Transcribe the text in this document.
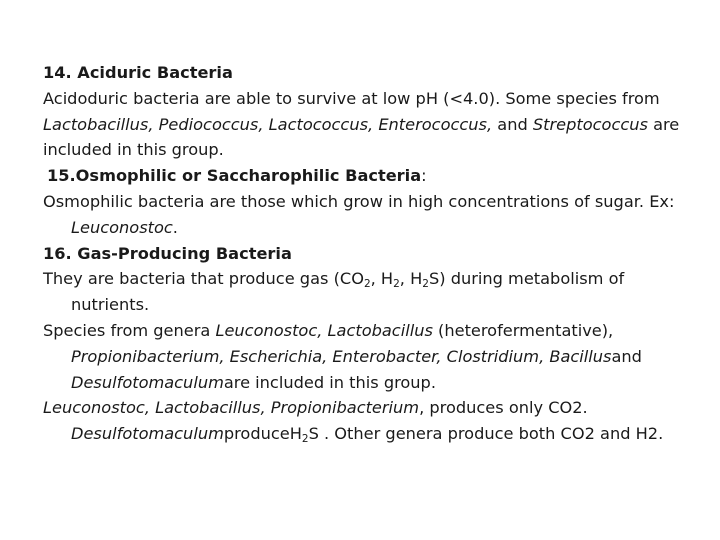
14. Aciduric Bacteria
Acidoduric bacteria are able to survive at low pH (<4.0). Some species from
Lactobacillus, Pediococcus, Lactococcus, Enterococcus, and Streptococcus are
included in this group.
15.Osmophilic or Saccharophilic Bacteria:
Osmophilic bacteria are those which grow in high concentrations of sugar. Ex:
Leuconostoc.
16. Gas-Producing Bacteria
They are bacteria that produce gas ($CO_2$, $H_2$, $H_2S$) during metabolism of
nutrients.
Species from genera Leuconostoc, Lactobacillus (heterofermentative),
Propionibacterium, Escherichia, Enterobacter, Clostridium, Bacillusand
Desulfotomaculumare included in this group.
Leuconostoc, Lactobacillus, Propionibacterium, produces only CO2.
DesulfotomaculumproduceH$_2$S . Other genera produce both CO2 and H2.
